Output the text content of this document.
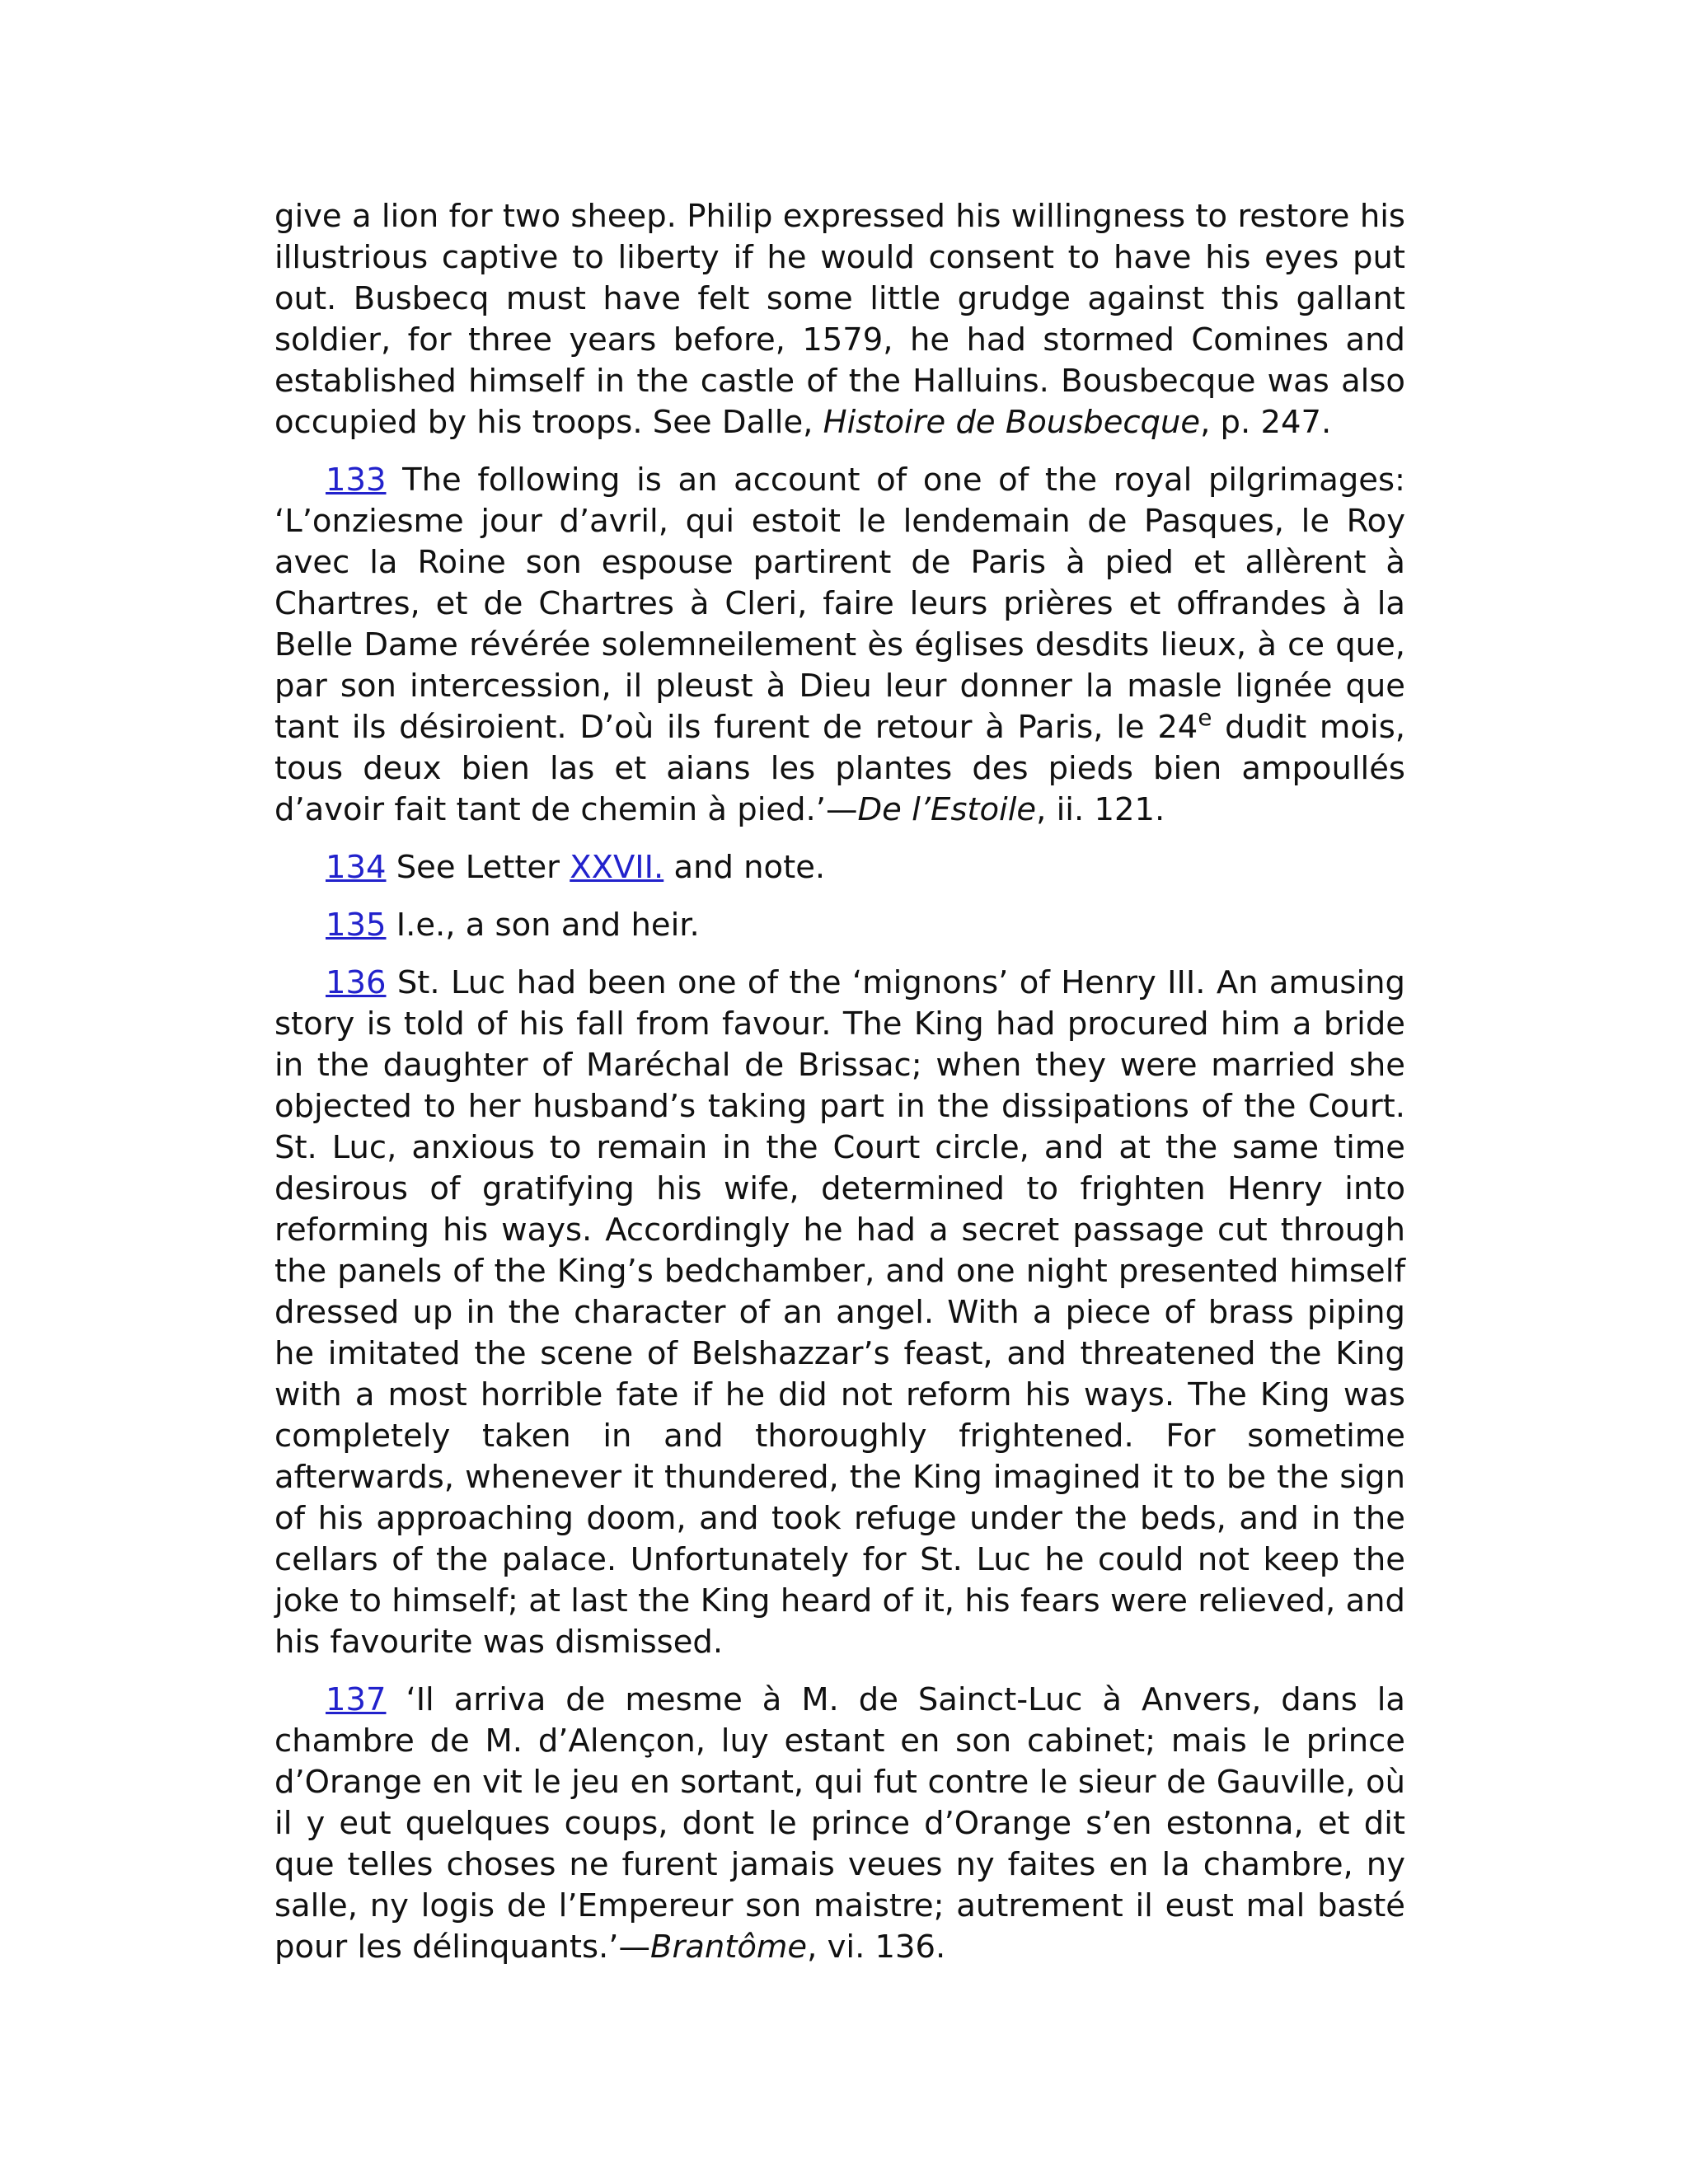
give a lion for two sheep. Philip expressed his willingness to restore his illustrious captive to liberty if he would consent to have his eyes put out. Busbecq must have felt some little grudge against this gallant soldier, for three years before, 1579, he had stormed Comines and established himself in the castle of the Halluins. Bousbecque was also occupied by his troops. See Dalle, Histoire de Bousbecque, p. 247.

133 The following is an account of one of the royal pilgrimages: ‘L’onziesme jour d’avril, qui estoit le lendemain de Pasques, le Roy avec la Roine son espouse partirent de Paris à pied et allèrent à Chartres, et de Chartres à Cleri, faire leurs prières et offrandes à la Belle Dame révérée solemneilement ès églises desdits lieux, à ce que, par son intercession, il pleust à Dieu leur donner la masle lignée que tant ils désiroient. D’où ils furent de retour à Paris, le 24e dudit mois, tous deux bien las et aians les plantes des pieds bien ampoullés d’avoir fait tant de chemin à pied.’—De l’Estoile, ii. 121.

134 See Letter XXVII. and note.

135 I.e., a son and heir.

136 St. Luc had been one of the ‘mignons’ of Henry III. An amusing story is told of his fall from favour. The King had procured him a bride in the daughter of Maréchal de Brissac; when they were married she objected to her husband’s taking part in the dissipations of the Court. St. Luc, anxious to remain in the Court circle, and at the same time desirous of gratifying his wife, determined to frighten Henry into reforming his ways. Accordingly he had a secret passage cut through the panels of the King’s bedchamber, and one night presented himself dressed up in the character of an angel. With a piece of brass piping he imitated the scene of Belshazzar’s feast, and threatened the King with a most horrible fate if he did not reform his ways. The King was completely taken in and thoroughly frightened. For sometime afterwards, whenever it thundered, the King imagined it to be the sign of his approaching doom, and took refuge under the beds, and in the cellars of the palace. Unfortunately for St. Luc he could not keep the joke to himself; at last the King heard of it, his fears were relieved, and his favourite was dismissed.

137 ‘Il arriva de mesme à M. de Sainct-Luc à Anvers, dans la chambre de M. d’Alençon, luy estant en son cabinet; mais le prince d’Orange en vit le jeu en sortant, qui fut contre le sieur de Gauville, où il y eut quelques coups, dont le prince d’Orange s’en estonna, et dit que telles choses ne furent jamais veues ny faites en la chambre, ny salle, ny logis de l’Empereur son maistre; autrement il eust mal basté pour les délinquants.’—Brantôme, vi. 136.
